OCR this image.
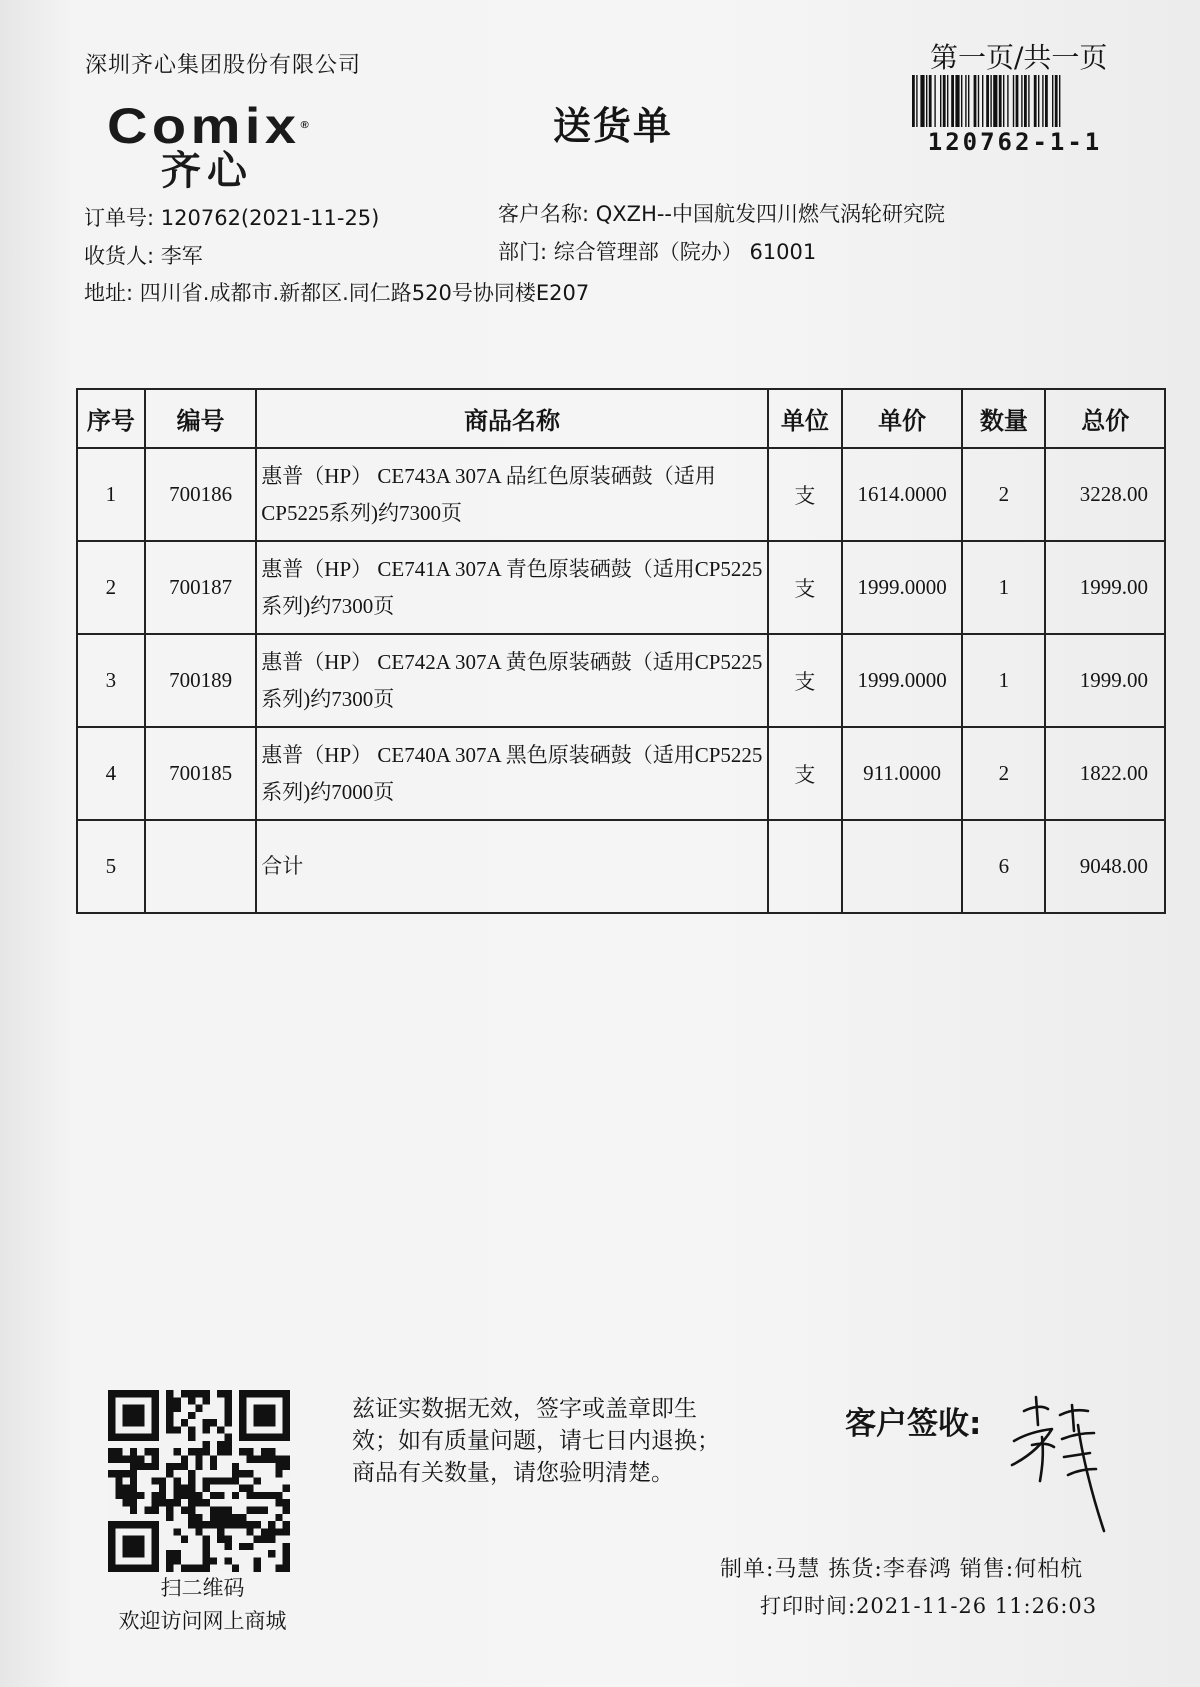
深圳齐心集团股份有限公司
Comix®
齐心
送货单
第一页/共一页
120762-1-1
订单号: 120762(2021-11-25)
收货人: 李军
地址: 四川省.成都市.新都区.同仁路520号协同楼E207
客户名称: QXZH--中国航发四川燃气涡轮研究院
部门: 综合管理部（院办） 61001
序号	编号	商品名称	单位	单价	数量	总价
1	700186	惠普（HP） CE743A 307A 品红色原装硒鼓（适用CP5225系列)约7300页	支	1614.0000	2	3228.00
2	700187	惠普（HP） CE741A 307A 青色原装硒鼓（适用CP5225系列)约7300页	支	1999.0000	1	1999.00
3	700189	惠普（HP） CE742A 307A 黄色原装硒鼓（适用CP5225系列)约7300页	支	1999.0000	1	1999.00
4	700185	惠普（HP） CE740A 307A 黑色原装硒鼓（适用CP5225系列)约7000页	支	911.0000	2	1822.00
5		合计			6	9048.00
扫二维码
欢迎访问网上商城
兹证实数据无效，签字或盖章即生
效；如有质量问题，请七日内退换；
商品有关数量，请您验明清楚。
客户签收:
制单:马慧 拣货:李春鸿 销售:何柏杭
打印时间:2021-11-26 11:26:03
